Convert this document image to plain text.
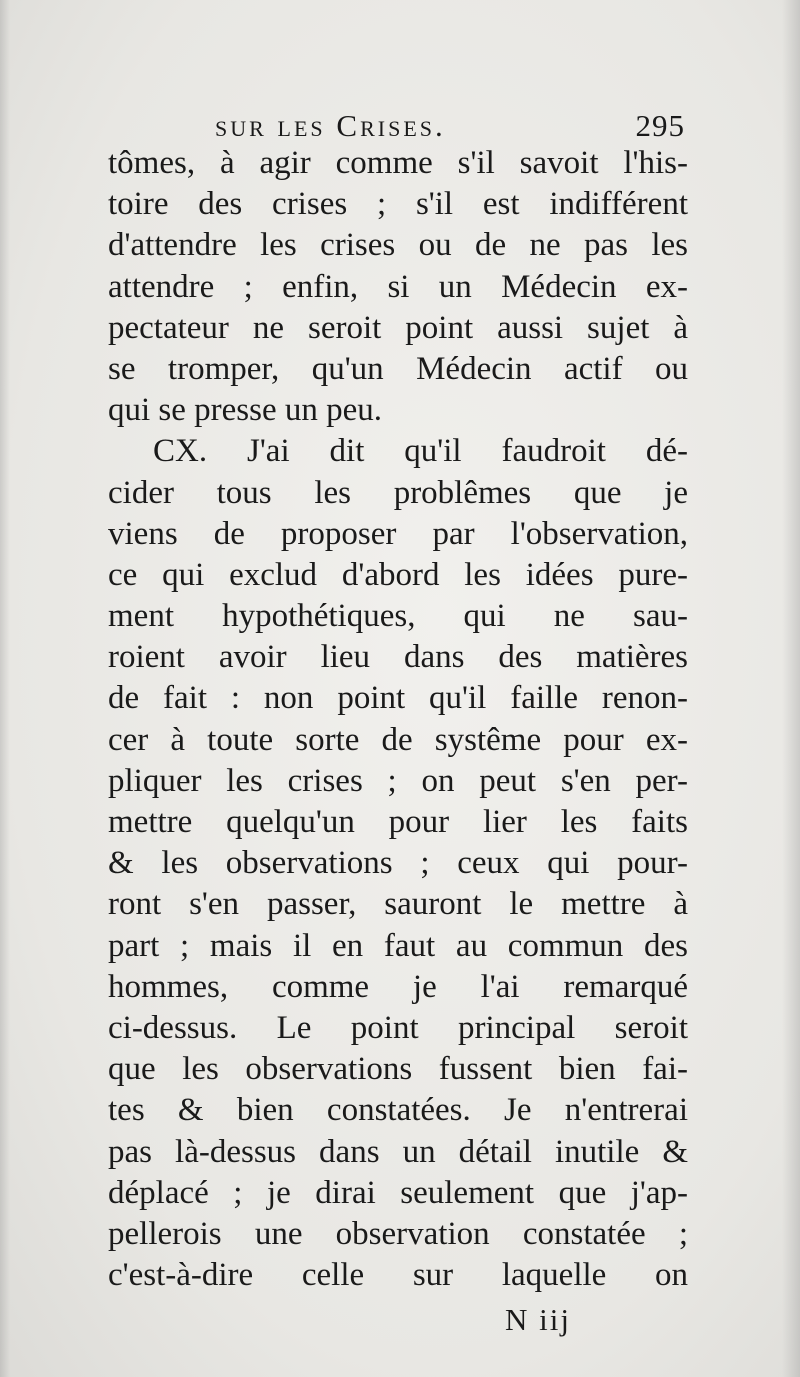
sur les Crises.	295
tômes, à agir comme s'il savoit l'his-
toire des crises ; s'il est indifférent
d'attendre les crises ou de ne pas les
attendre ; enfin, si un Médecin ex-
pectateur ne seroit point aussi sujet à
se tromper, qu'un Médecin actif ou
qui se presse un peu.
CX. J'ai dit qu'il faudroit dé-
cider tous les problêmes que je
viens de proposer par l'observation,
ce qui exclud d'abord les idées pure-
ment hypothétiques, qui ne sau-
roient avoir lieu dans des matières
de fait : non point qu'il faille renon-
cer à toute sorte de systême pour ex-
pliquer les crises ; on peut s'en per-
mettre quelqu'un pour lier les faits
& les observations ; ceux qui pour-
ront s'en passer, sauront le mettre à
part ; mais il en faut au commun des
hommes, comme je l'ai remarqué
ci-dessus. Le point principal seroit
que les observations fussent bien fai-
tes & bien constatées. Je n'entrerai
pas là-dessus dans un détail inutile &
déplacé ; je dirai seulement que j'ap-
pellerois une observation constatée ;
c'est-à-dire celle sur laquelle on
N iij
